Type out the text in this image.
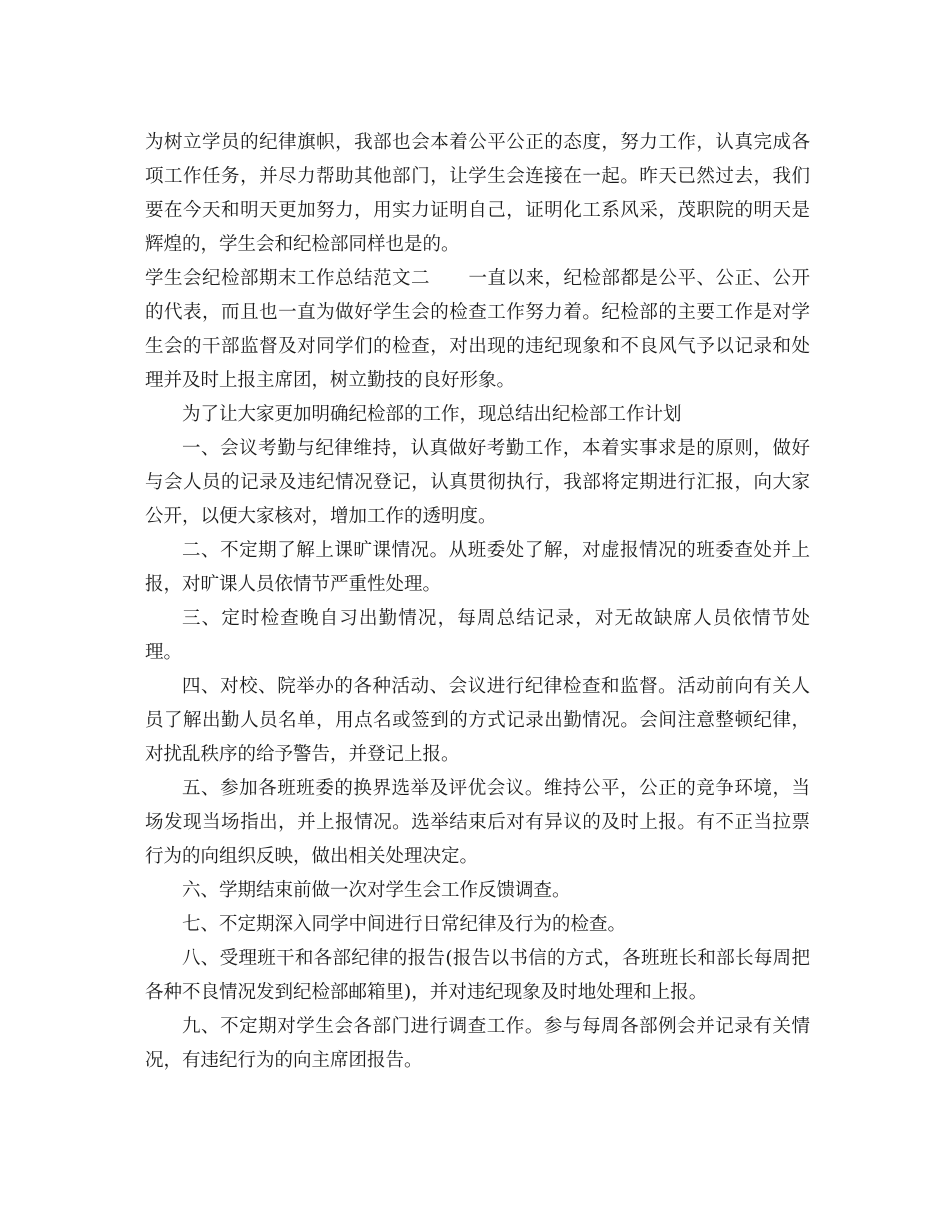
为树立学员的纪律旗帜，我部也会本着公平公正的态度，努力工作，认真完成各项工作任务，并尽力帮助其他部门，让学生会连接在一起。昨天已然过去，我们要在今天和明天更加努力，用实力证明自己，证明化工系风采，茂职院的明天是辉煌的，学生会和纪检部同样也是的。

学生会纪检部期末工作总结范文二 一直以来，纪检部都是公平、公正、公开的代表，而且也一直为做好学生会的检查工作努力着。纪检部的主要工作是对学生会的干部监督及对同学们的检查，对出现的违纪现象和不良风气予以记录和处理并及时上报主席团，树立勤技的良好形象。

为了让大家更加明确纪检部的工作，现总结出纪检部工作计划

一、会议考勤与纪律维持，认真做好考勤工作，本着实事求是的原则，做好与会人员的记录及违纪情况登记，认真贯彻执行，我部将定期进行汇报，向大家公开，以便大家核对，增加工作的透明度。

二、不定期了解上课旷课情况。从班委处了解，对虚报情况的班委查处并上报，对旷课人员依情节严重性处理。

三、定时检查晚自习出勤情况，每周总结记录，对无故缺席人员依情节处理。

四、对校、院举办的各种活动、会议进行纪律检查和监督。活动前向有关人员了解出勤人员名单，用点名或签到的方式记录出勤情况。会间注意整顿纪律，对扰乱秩序的给予警告，并登记上报。

五、参加各班班委的换界选举及评优会议。维持公平，公正的竞争环境，当场发现当场指出，并上报情况。选举结束后对有异议的及时上报。有不正当拉票行为的向组织反映，做出相关处理决定。

六、学期结束前做一次对学生会工作反馈调查。

七、不定期深入同学中间进行日常纪律及行为的检查。

八、受理班干和各部纪律的报告(报告以书信的方式，各班班长和部长每周把各种不良情况发到纪检部邮箱里)，并对违纪现象及时地处理和上报。

九、不定期对学生会各部门进行调查工作。参与每周各部例会并记录有关情况，有违纪行为的向主席团报告。
